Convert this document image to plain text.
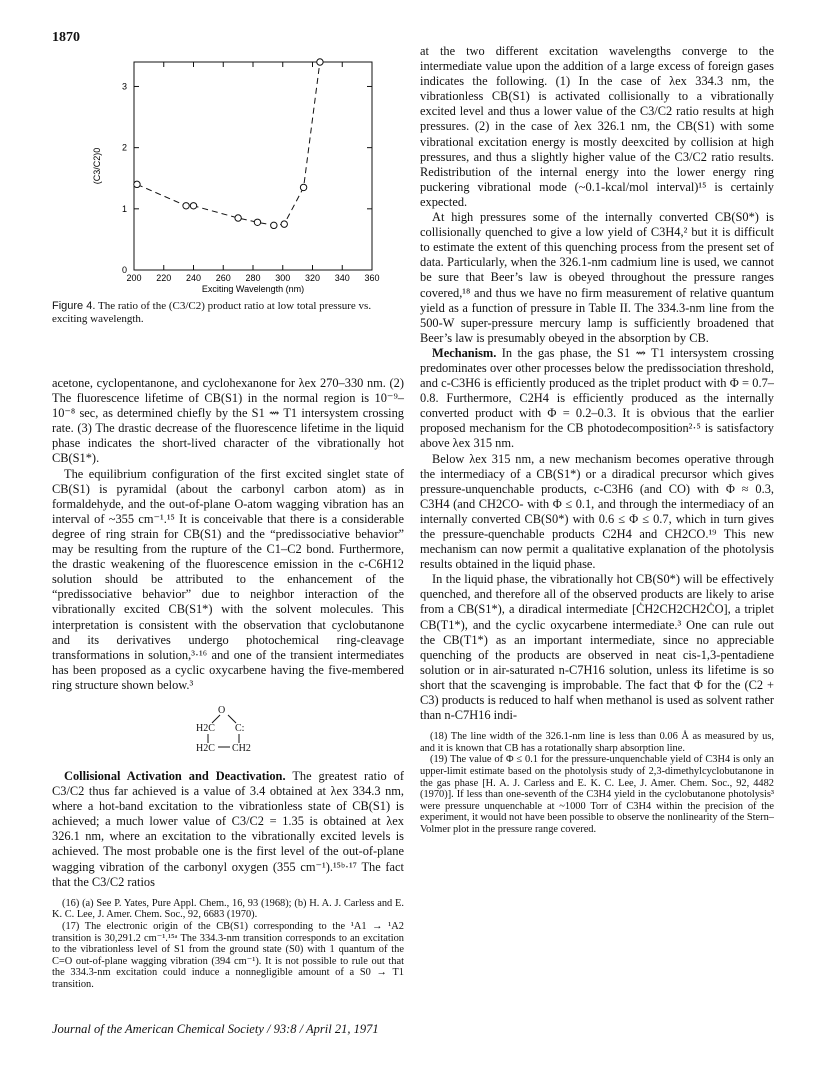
1870
200 220 240 260 280 300 320 340 360
0
1
2
3
Exciting Wavelength (nm)
(C3/C2)0
Figure 4. The ratio of the (C3/C2) product ratio at low total pressure vs. exciting wavelength.

acetone, cyclopentanone, and cyclohexanone for λex 270–330 nm. (2) The fluorescence lifetime of CB(S1) in the normal region is 10⁻⁹–10⁻⁸ sec, as determined chiefly by the S1 ⇝ T1 intersystem crossing rate. (3) The drastic decrease of the fluorescence lifetime in the liquid phase indicates the short-lived character of the vibrationally hot CB(S1*).

The equilibrium configuration of the first excited singlet state of CB(S1) is pyramidal (about the carbonyl carbon atom) as in formaldehyde, and the out-of-plane O-atom wagging vibration has an interval of ~355 cm⁻¹.¹⁵ It is conceivable that there is a considerable degree of ring strain for CB(S1) and the “predissociative behavior” may be resulting from the rupture of the C1–C2 bond. Furthermore, the drastic weakening of the fluorescence emission in the c-C6H12 solution should be attributed to the enhancement of the “predissociative behavior” due to neighbor interaction of the vibrationally excited CB(S1*) with the solvent molecules. This interpretation is consistent with the observation that cyclobutanone and its derivatives undergo photochemical ring-cleavage transformations in solution,³·¹⁶ and one of the transient intermediates has been proposed as a cyclic oxycarbene having the five-membered ring structure shown below.³

O
H2C C:
H2C CH2

Collisional Activation and Deactivation. The greatest ratio of C3/C2 thus far achieved is a value of 3.4 obtained at λex 334.3 nm, where a hot-band excitation to the vibrationless state of CB(S1) is achieved; a much lower value of C3/C2 = 1.35 is obtained at λex 326.1 nm, where an excitation to the vibrationally excited levels is achieved. The most probable one is the first level of the out-of-plane wagging vibration of the carbonyl oxygen (355 cm⁻¹).¹⁵ᵇ·¹⁷ The fact that the C3/C2 ratios

(16) (a) See P. Yates, Pure Appl. Chem., 16, 93 (1968); (b) H. A. J. Carless and E. K. C. Lee, J. Amer. Chem. Soc., 92, 6683 (1970).

(17) The electronic origin of the CB(S1) corresponding to the ¹A1 → ¹A2 transition is 30,291.2 cm⁻¹.¹⁵ᵃ The 334.3-nm transition corresponds to an excitation to the vibrationless level of S1 from the ground state (S0) with 1 quantum of the C=O out-of-plane wagging vibration (394 cm⁻¹). It is not possible to rule out that the 334.3-nm excitation could induce a nonnegligible amount of a S0 → T1 transition.

at the two different excitation wavelengths converge to the intermediate value upon the addition of a large excess of foreign gases indicates the following. (1) In the case of λex 334.3 nm, the vibrationless CB(S1) is activated collisionally to a vibrationally excited level and thus a lower value of the C3/C2 ratio results at high pressures. (2) in the case of λex 326.1 nm, the CB(S1) with some vibrational excitation energy is mostly deexcited by collision at high pressures, and thus a slightly higher value of the C3/C2 ratio results. Redistribution of the internal energy into the lower energy ring puckering vibrational mode (~0.1-kcal/mol interval)¹⁵ is certainly expected.

At high pressures some of the internally converted CB(S0*) is collisionally quenched to give a low yield of C3H4,² but it is difficult to estimate the extent of this quenching process from the present set of data. Particularly, when the 326.1-nm cadmium line is used, we cannot be sure that Beer’s law is obeyed throughout the pressure ranges covered,¹⁸ and thus we have no firm measurement of relative quantum yield as a function of pressure in Table II. The 334.3-nm line from the 500-W super-pressure mercury lamp is sufficiently broadened that Beer’s law is presumably obeyed in the absorption by CB.

Mechanism. In the gas phase, the S1 ⇝ T1 intersystem crossing predominates over other processes below the predissociation threshold, and c-C3H6 is efficiently produced as the triplet product with Φ = 0.7–0.8. Furthermore, C2H4 is efficiently produced as the internally converted product with Φ = 0.2–0.3. It is obvious that the earlier proposed mechanism for the CB photodecomposition²·⁵ is satisfactory above λex 315 nm.

Below λex 315 nm, a new mechanism becomes operative through the intermediacy of a CB(S1*) or a diradical precursor which gives pressure-unquenchable products, c-C3H6 (and CO) with Φ ≈ 0.3, C3H4 (and CH2CO- with Φ ≤ 0.1, and through the intermediacy of an internally converted CB(S0*) with 0.6 ≤ Φ ≤ 0.7, which in turn gives the pressure-quenchable products C2H4 and CH2CO.¹⁹ This new mechanism can now permit a qualitative explanation of the photolysis results obtained in the liquid phase.

In the liquid phase, the vibrationally hot CB(S0*) will be effectively quenched, and therefore all of the observed products are likely to arise from a CB(S1*), a diradical intermediate [ĊH2CH2CH2ĊO], a triplet CB(T1*), and the cyclic oxycarbene intermediate.³ One can rule out the CB(T1*) as an important intermediate, since no appreciable quenching of the products are observed in neat cis-1,3-pentadiene solution or in air-saturated n-C7H16 solution, unless its lifetime is so short that the scavenging is improbable. The fact that Φ for the (C2 + C3) products is reduced to half when methanol is used as solvent rather than n-C7H16 indi-

(18) The line width of the 326.1-nm line is less than 0.06 Å as measured by us, and it is known that CB has a rotationally sharp absorption line.

(19) The value of Φ ≤ 0.1 for the pressure-unquenchable yield of C3H4 is only an upper-limit estimate based on the photolysis study of 2,3-dimethylcyclobutanone in the gas phase [H. A. J. Carless and E. K. C. Lee, J. Amer. Chem. Soc., 92, 4482 (1970)]. If less than one-seventh of the C3H4 yield in the cyclobutanone photolysis³ were pressure unquenchable at ~1000 Torr of C3H4 within the precision of the experiment, it would not have been possible to observe the nonlinearity of the Stern–Volmer plot in the pressure range covered.

Journal of the American Chemical Society / 93:8 / April 21, 1971
